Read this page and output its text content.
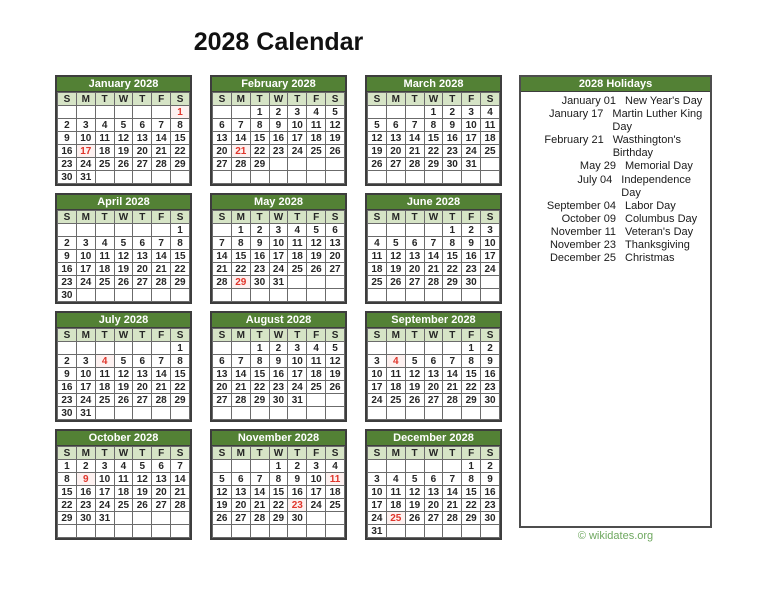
2028 Calendar
January 2028
S	M	T	W	T	F	S
						1
2	3	4	5	6	7	8
9	10	11	12	13	14	15
16	17	18	19	20	21	22
23	24	25	26	27	28	29
30	31					
February 2028
S	M	T	W	T	F	S
		1	2	3	4	5
6	7	8	9	10	11	12
13	14	15	16	17	18	19
20	21	22	23	24	25	26
27	28	29				

March 2028
S	M	T	W	T	F	S
			1	2	3	4
5	6	7	8	9	10	11
12	13	14	15	16	17	18
19	20	21	22	23	24	25
26	27	28	29	30	31	

April 2028
S	M	T	W	T	F	S
						1
2	3	4	5	6	7	8
9	10	11	12	13	14	15
16	17	18	19	20	21	22
23	24	25	26	27	28	29
30						
May 2028
S	M	T	W	T	F	S
	1	2	3	4	5	6
7	8	9	10	11	12	13
14	15	16	17	18	19	20
21	22	23	24	25	26	27
28	29	30	31			

June 2028
S	M	T	W	T	F	S
				1	2	3
4	5	6	7	8	9	10
11	12	13	14	15	16	17
18	19	20	21	22	23	24
25	26	27	28	29	30	

July 2028
S	M	T	W	T	F	S
						1
2	3	4	5	6	7	8
9	10	11	12	13	14	15
16	17	18	19	20	21	22
23	24	25	26	27	28	29
30	31					
August 2028
S	M	T	W	T	F	S
		1	2	3	4	5
6	7	8	9	10	11	12
13	14	15	16	17	18	19
20	21	22	23	24	25	26
27	28	29	30	31		

September 2028
S	M	T	W	T	F	S
					1	2
3	4	5	6	7	8	9
10	11	12	13	14	15	16
17	18	19	20	21	22	23
24	25	26	27	28	29	30

October 2028
S	M	T	W	T	F	S
1	2	3	4	5	6	7
8	9	10	11	12	13	14
15	16	17	18	19	20	21
22	23	24	25	26	27	28
29	30	31				

November 2028
S	M	T	W	T	F	S
			1	2	3	4
5	6	7	8	9	10	11
12	13	14	15	16	17	18
19	20	21	22	23	24	25
26	27	28	29	30		

December 2028
S	M	T	W	T	F	S
					1	2
3	4	5	6	7	8	9
10	11	12	13	14	15	16
17	18	19	20	21	22	23
24	25	26	27	28	29	30
31						
2028 Holidays
January 01 New Year's Day
January 17 Martin Luther King Day
February 21 Wasthington's Birthday
May 29 Memorial Day
July 04 Independence Day
September 04 Labor Day
October 09 Columbus Day
November 11 Veteran's Day
November 23 Thanksgiving
December 25 Christmas
© wikidates.org
